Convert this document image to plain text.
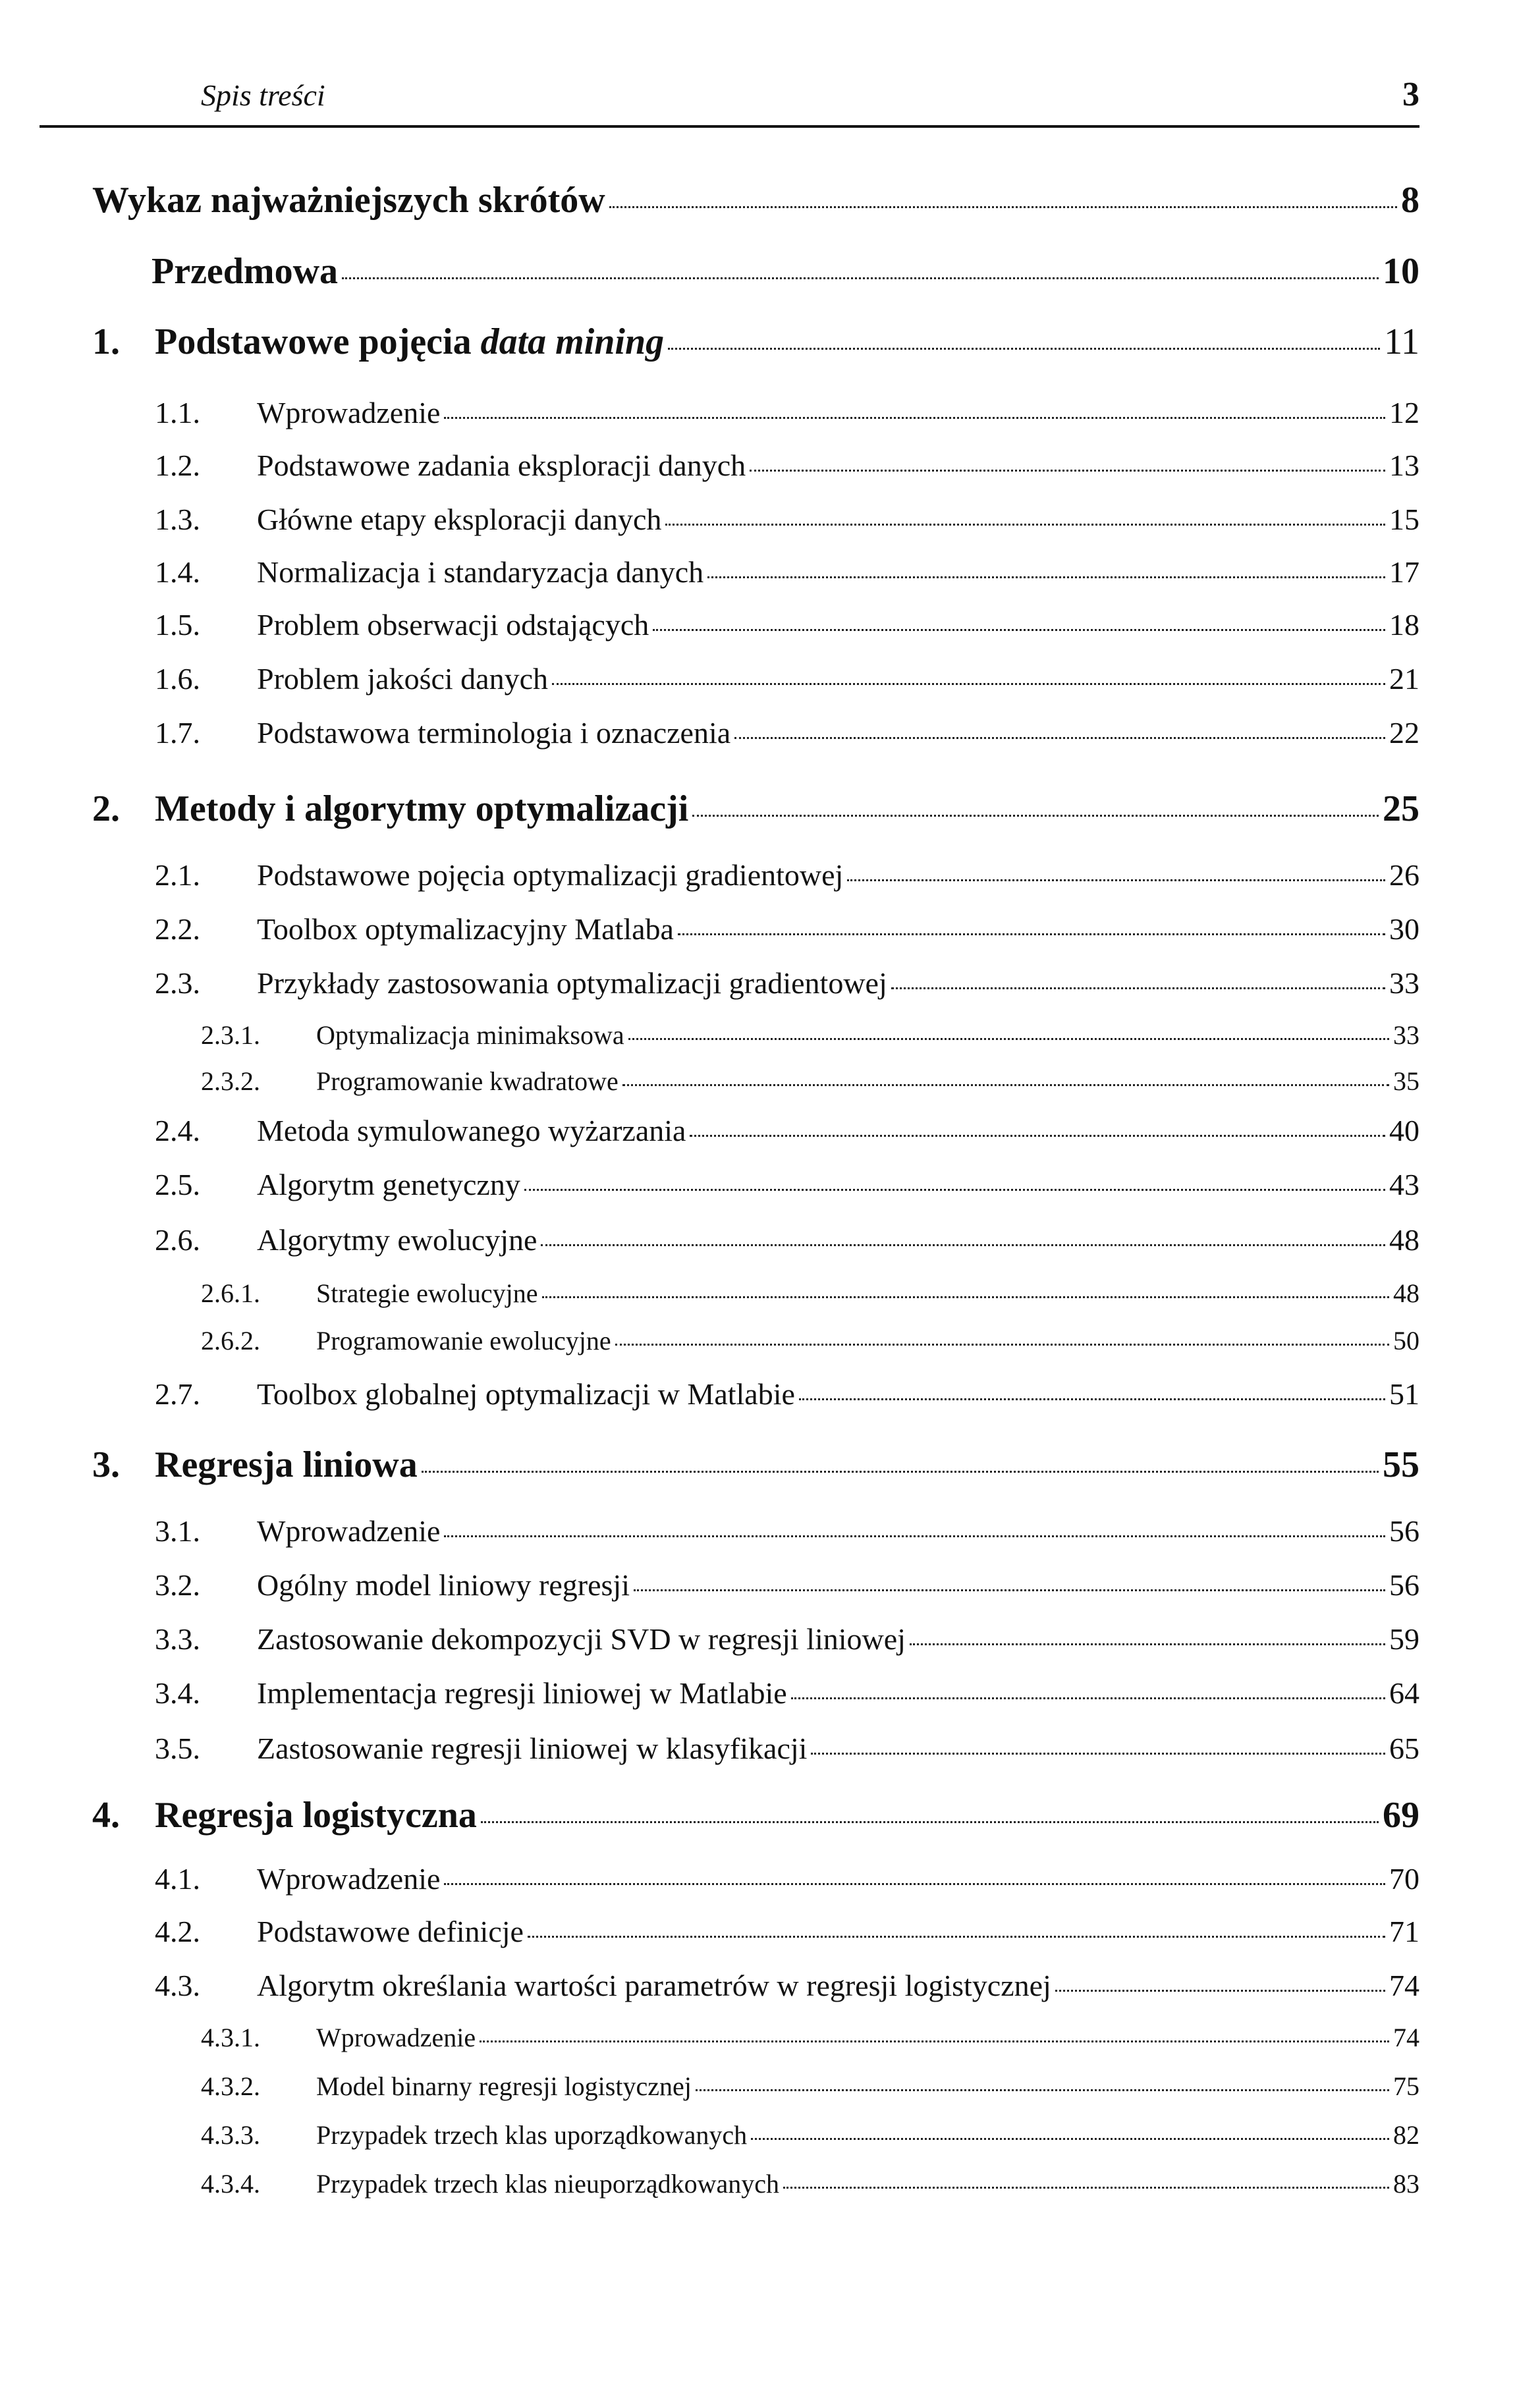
Spis treści	3
Wykaz najważniejszych skrótów	8
Przedmowa	10
1. Podstawowe pojęcia data mining	11
1.1.	Wprowadzenie	12
1.2.	Podstawowe zadania eksploracji danych	13
1.3.	Główne etapy eksploracji danych	15
1.4.	Normalizacja i standaryzacja danych	17
1.5.	Problem obserwacji odstających	18
1.6.	Problem jakości danych	21
1.7.	Podstawowa terminologia i oznaczenia	22
2. Metody i algorytmy optymalizacji	25
2.1.	Podstawowe pojęcia optymalizacji gradientowej	26
2.2.	Toolbox optymalizacyjny Matlaba	30
2.3.	Przykłady zastosowania optymalizacji gradientowej	33
2.3.1.	Optymalizacja minimaksowa	33
2.3.2.	Programowanie kwadratowe	35
2.4.	Metoda symulowanego wyżarzania	40
2.5.	Algorytm genetyczny	43
2.6.	Algorytmy ewolucyjne	48
2.6.1.	Strategie ewolucyjne	48
2.6.2.	Programowanie ewolucyjne	50
2.7.	Toolbox globalnej optymalizacji w Matlabie	51
3. Regresja liniowa	55
3.1.	Wprowadzenie	56
3.2.	Ogólny model liniowy regresji	56
3.3.	Zastosowanie dekompozycji SVD w regresji liniowej	59
3.4.	Implementacja regresji liniowej w Matlabie	64
3.5.	Zastosowanie regresji liniowej w klasyfikacji	65
4. Regresja logistyczna	69
4.1.	Wprowadzenie	70
4.2.	Podstawowe definicje	71
4.3.	Algorytm określania wartości parametrów w regresji logistycznej	74
4.3.1.	Wprowadzenie	74
4.3.2.	Model binarny regresji logistycznej	75
4.3.3.	Przypadek trzech klas uporządkowanych	82
4.3.4.	Przypadek trzech klas nieuporządkowanych	83
